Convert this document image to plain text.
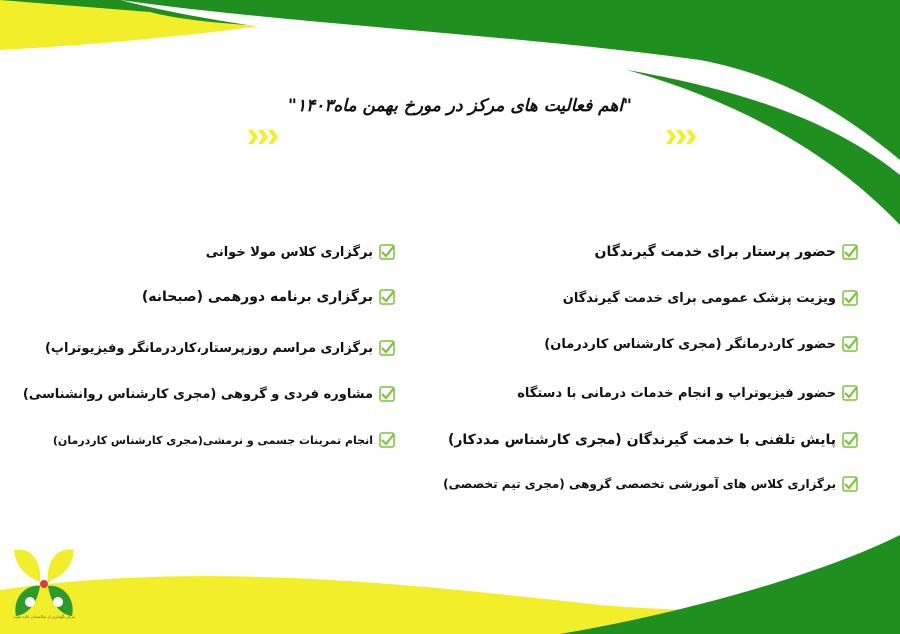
"اهم فعالیت های مرکز در مورخ بهمن ماه۱۴۰۳"
حضور پرستار برای خدمت گیرندگان
ویزیت پزشک عمومی برای خدمت گیرندگان
حضور کاردرمانگر (مجری کارشناس کاردرمان)
حضور فیزیوتراپ و انجام خدمات درمانی با دستگاه
پایش تلفنی با خدمت گیرندگان (مجری کارشناس مددکار)
برگزاری کلاس های آموزشی تخصصی گروهی (مجری تیم تخصصی)
برگزاری کلاس مولا خوانی
برگزاری برنامه دورهمی (صبحانه)
برگزاری مراسم روزپرستار،کاردرمانگر وفیزیوتراپ)
مشاوره فردی و گروهی (مجری کارشناس روانشناسی)
انجام تمرینات جسمی و نرمشی(مجری کارشناس کاردرمان)
مرکز نگهداری از سالمندان خانه خوب
